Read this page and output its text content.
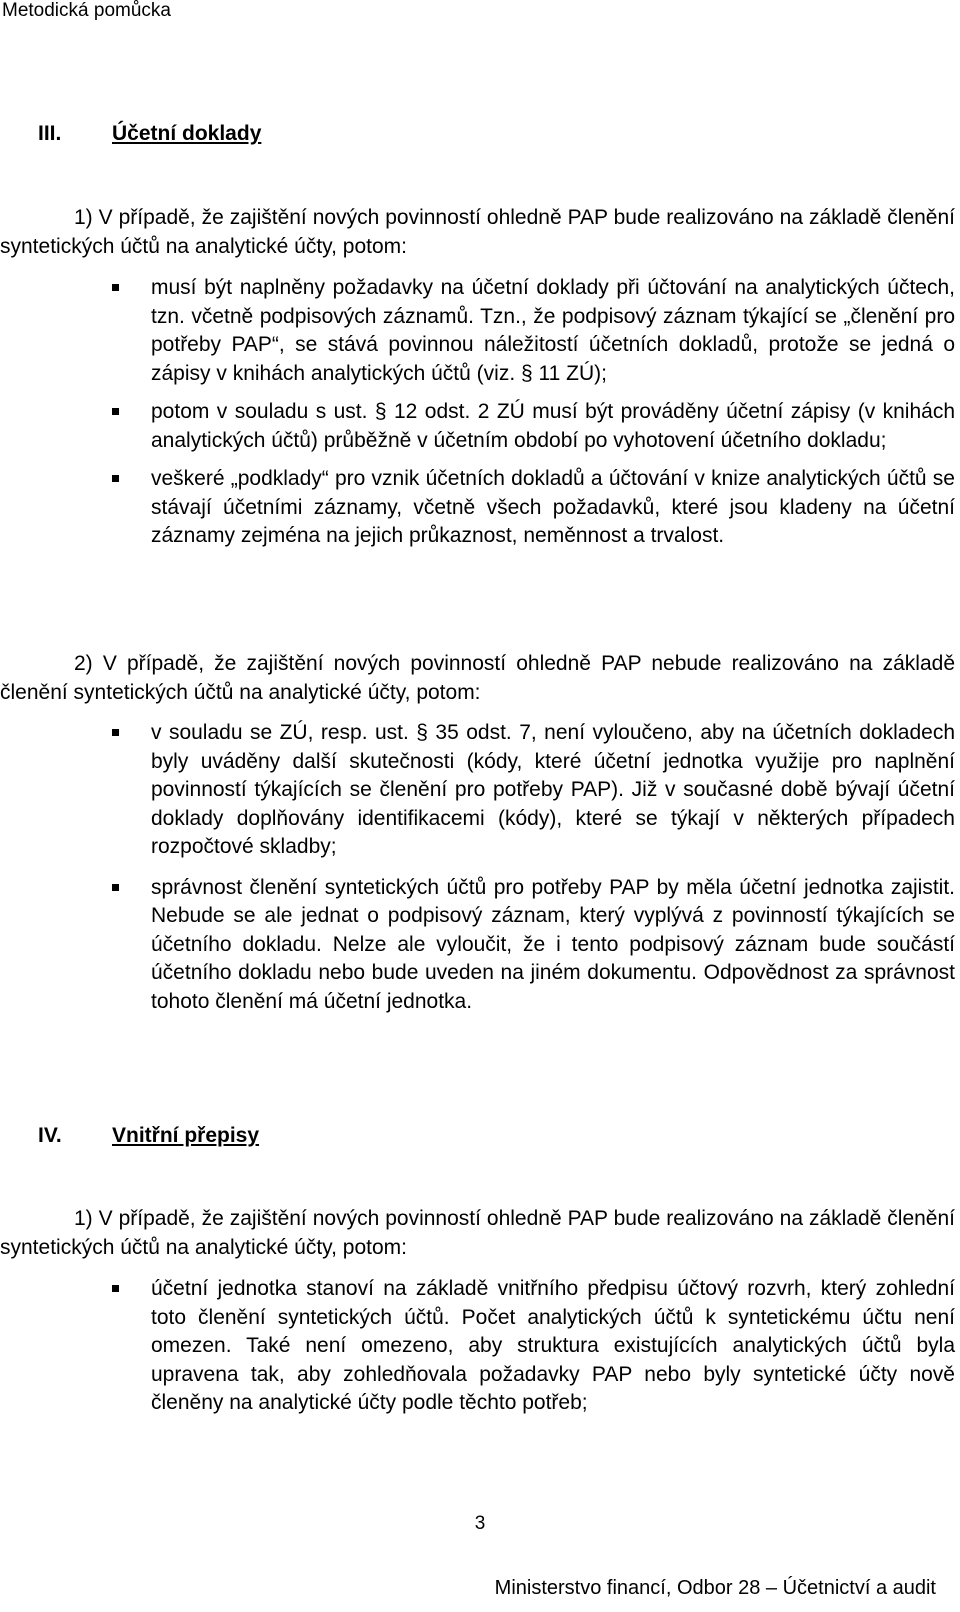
Metodická pomůcka
III. Účetní doklady
1) V případě, že zajištění nových povinností ohledně PAP bude realizováno na základě členění syntetických účtů na analytické účty, potom:
musí být naplněny požadavky na účetní doklady při účtování na analytických účtech, tzn. včetně podpisových záznamů. Tzn., že podpisový záznam týkající se „členění pro potřeby PAP“, se stává povinnou náležitostí účetních dokladů, protože se jedná o zápisy v knihách analytických účtů (viz. § 11 ZÚ);
potom v souladu s ust. § 12 odst. 2 ZÚ musí být prováděny účetní zápisy (v knihách analytických účtů) průběžně v účetním období po vyhotovení účetního dokladu;
veškeré „podklady“ pro vznik účetních dokladů a účtování v knize analytických účtů se stávají účetními záznamy, včetně všech požadavků, které jsou kladeny na účetní záznamy zejména na jejich průkaznost, neměnnost a trvalost.
2) V případě, že zajištění nových povinností ohledně PAP nebude realizováno na základě členění syntetických účtů na analytické účty, potom:
v souladu se ZÚ, resp. ust. § 35 odst. 7, není vyloučeno, aby na účetních dokladech byly uváděny další skutečnosti (kódy, které účetní jednotka využije pro naplnění povinností týkajících se členění pro potřeby PAP). Již v současné době bývají účetní doklady doplňovány identifikacemi (kódy), které se týkají v některých případech rozpočtové skladby;
správnost členění syntetických účtů pro potřeby PAP by měla účetní jednotka zajistit. Nebude se ale jednat o podpisový záznam, který vyplývá z povinností týkajících se účetního dokladu. Nelze ale vyloučit, že i tento podpisový záznam bude součástí účetního dokladu nebo bude uveden na jiném dokumentu. Odpovědnost za správnost tohoto členění má účetní jednotka.
IV. Vnitřní přepisy
1) V případě, že zajištění nových povinností ohledně PAP bude realizováno na základě členění syntetických účtů na analytické účty, potom:
účetní jednotka stanoví na základě vnitřního předpisu účtový rozvrh, který zohlední toto členění syntetických účtů. Počet analytických účtů k syntetickému účtu není omezen. Také není omezeno, aby struktura existujících analytických účtů byla upravena tak, aby zohledňovala požadavky PAP nebo byly syntetické účty nově členěny na analytické účty podle těchto potřeb;
3
Ministerstvo financí, Odbor 28 – Účetnictví a audit
